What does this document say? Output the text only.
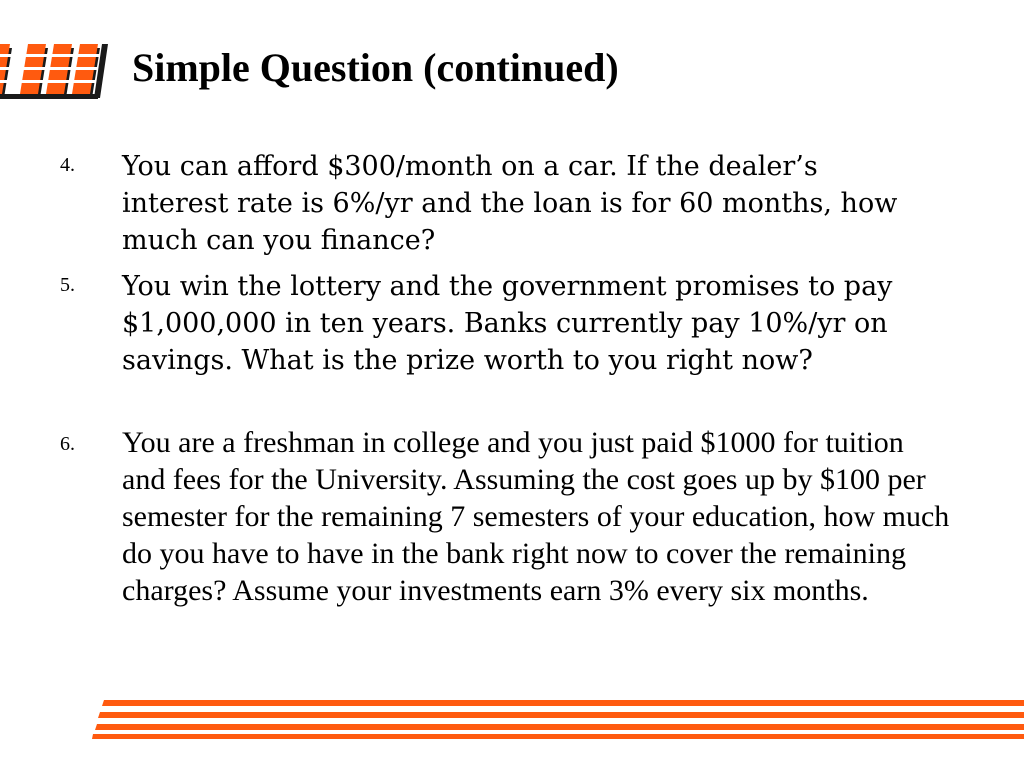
Simple Question (continued)
4. You can afford $300/month on a car. If the dealer’s interest rate is 6%/yr and the loan is for 60 months, how much can you finance?

5. You win the lottery and the government promises to pay $1,000,000 in ten years. Banks currently pay 10%/yr on savings. What is the prize worth to you right now?

6. You are a freshman in college and you just paid $1000 for tuition and fees for the University. Assuming the cost goes up by $100 per semester for the remaining 7 semesters of your education, how much do you have to have in the bank right now to cover the remaining charges? Assume your investments earn 3% every six months.
